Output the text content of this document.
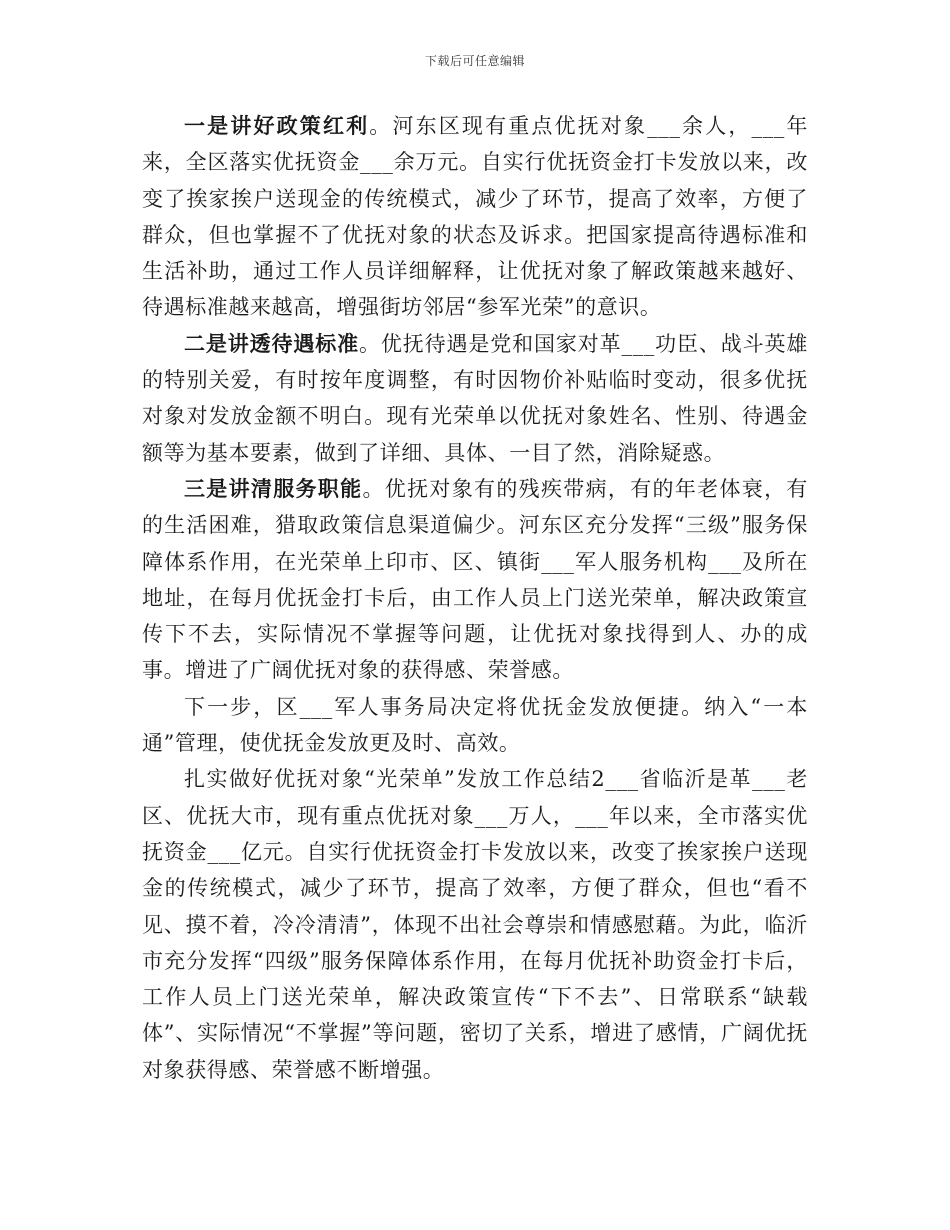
下载后可任意编辑

一是讲好政策红利。河东区现有重点优抚对象___余人，___年来，全区落实优抚资金___余万元。自实行优抚资金打卡发放以来，改变了挨家挨户送现金的传统模式，减少了环节，提高了效率，方便了群众，但也掌握不了优抚对象的状态及诉求。把国家提高待遇标准和生活补助，通过工作人员详细解释，让优抚对象了解政策越来越好、待遇标准越来越高，增强街坊邻居“参军光荣”的意识。

二是讲透待遇标准。优抚待遇是党和国家对革___功臣、战斗英雄的特别关爱，有时按年度调整，有时因物价补贴临时变动，很多优抚对象对发放金额不明白。现有光荣单以优抚对象姓名、性别、待遇金额等为基本要素，做到了详细、具体、一目了然，消除疑惑。

三是讲清服务职能。优抚对象有的残疾带病，有的年老体衰，有的生活困难，猎取政策信息渠道偏少。河东区充分发挥“三级”服务保障体系作用，在光荣单上印市、区、镇街___军人服务机构___及所在地址，在每月优抚金打卡后，由工作人员上门送光荣单，解决政策宣传下不去，实际情况不掌握等问题，让优抚对象找得到人、办的成事。增进了广阔优抚对象的获得感、荣誉感。

下一步，区___军人事务局决定将优抚金发放便捷。纳入“一本通”管理，使优抚金发放更及时、高效。

扎实做好优抚对象“光荣单”发放工作总结2___省临沂是革___老区、优抚大市，现有重点优抚对象___万人，___年以来，全市落实优抚资金___亿元。自实行优抚资金打卡发放以来，改变了挨家挨户送现金的传统模式，减少了环节，提高了效率，方便了群众，但也“看不见、摸不着，冷冷清清”，体现不出社会尊崇和情感慰藉。为此，临沂市充分发挥“四级”服务保障体系作用，在每月优抚补助资金打卡后，工作人员上门送光荣单，解决政策宣传“下不去”、日常联系“缺载体”、实际情况“不掌握”等问题，密切了关系，增进了感情，广阔优抚对象获得感、荣誉感不断增强。
